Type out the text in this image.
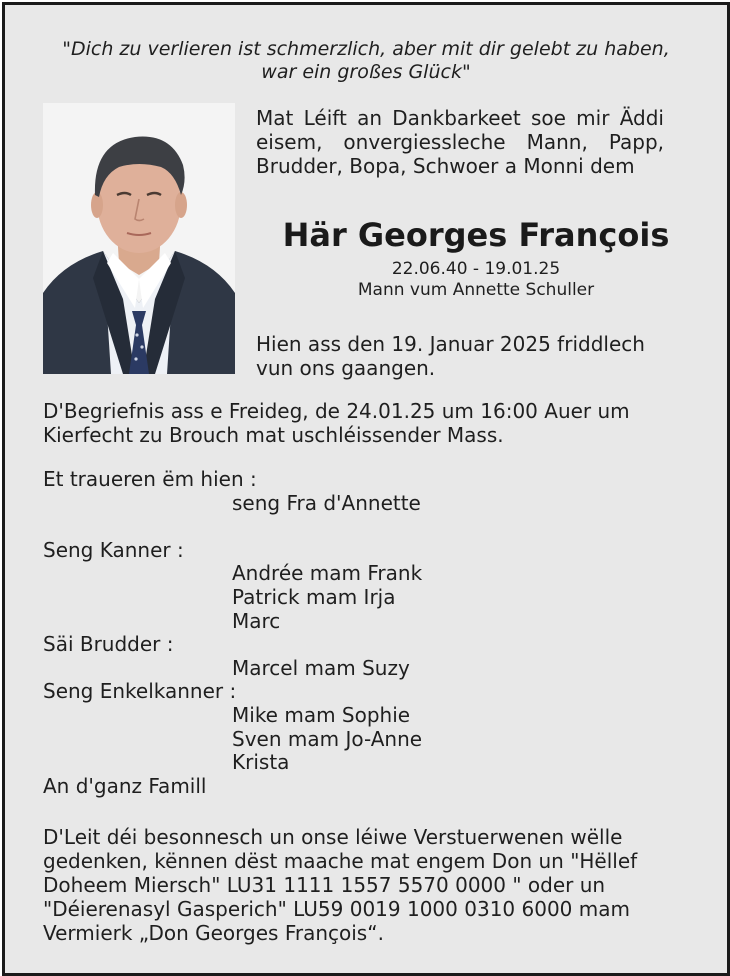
"Dich zu verlieren ist schmerzlich, aber mit dir gelebt zu haben,
war ein großes Glück"
Mat Léift an Dankbarkeet soe mir Äddi eisem, onvergiessleche Mann, Papp, Brudder, Bopa, Schwoer a Monni dem
Här Georges François
22.06.40 - 19.01.25
Mann vum Annette Schuller
Hien ass den 19. Januar 2025 friddlech vun ons gaangen.
D'Begriefnis ass e Freideg, de 24.01.25 um 16:00 Auer um Kierfecht zu Brouch mat uschléissender Mass.
Et traueren ëm hien :
seng Fra d'Annette
Seng Kanner :
Andrée mam Frank
Patrick mam Irja
Marc
Säi Brudder :
Marcel mam Suzy
Seng Enkelkanner :
Mike mam Sophie
Sven mam Jo-Anne
Krista
An d'ganz Famill
D'Leit déi besonnesch un onse léiwe Verstuerwenen wëlle gedenken, kënnen dëst maache mat engem Don un "Hëllef Doheem Miersch" LU31 1111 1557 5570 0000 " oder un "Déierenasyl Gasperich" LU59 0019 1000 0310 6000 mam Vermierk „Don Georges François“.
